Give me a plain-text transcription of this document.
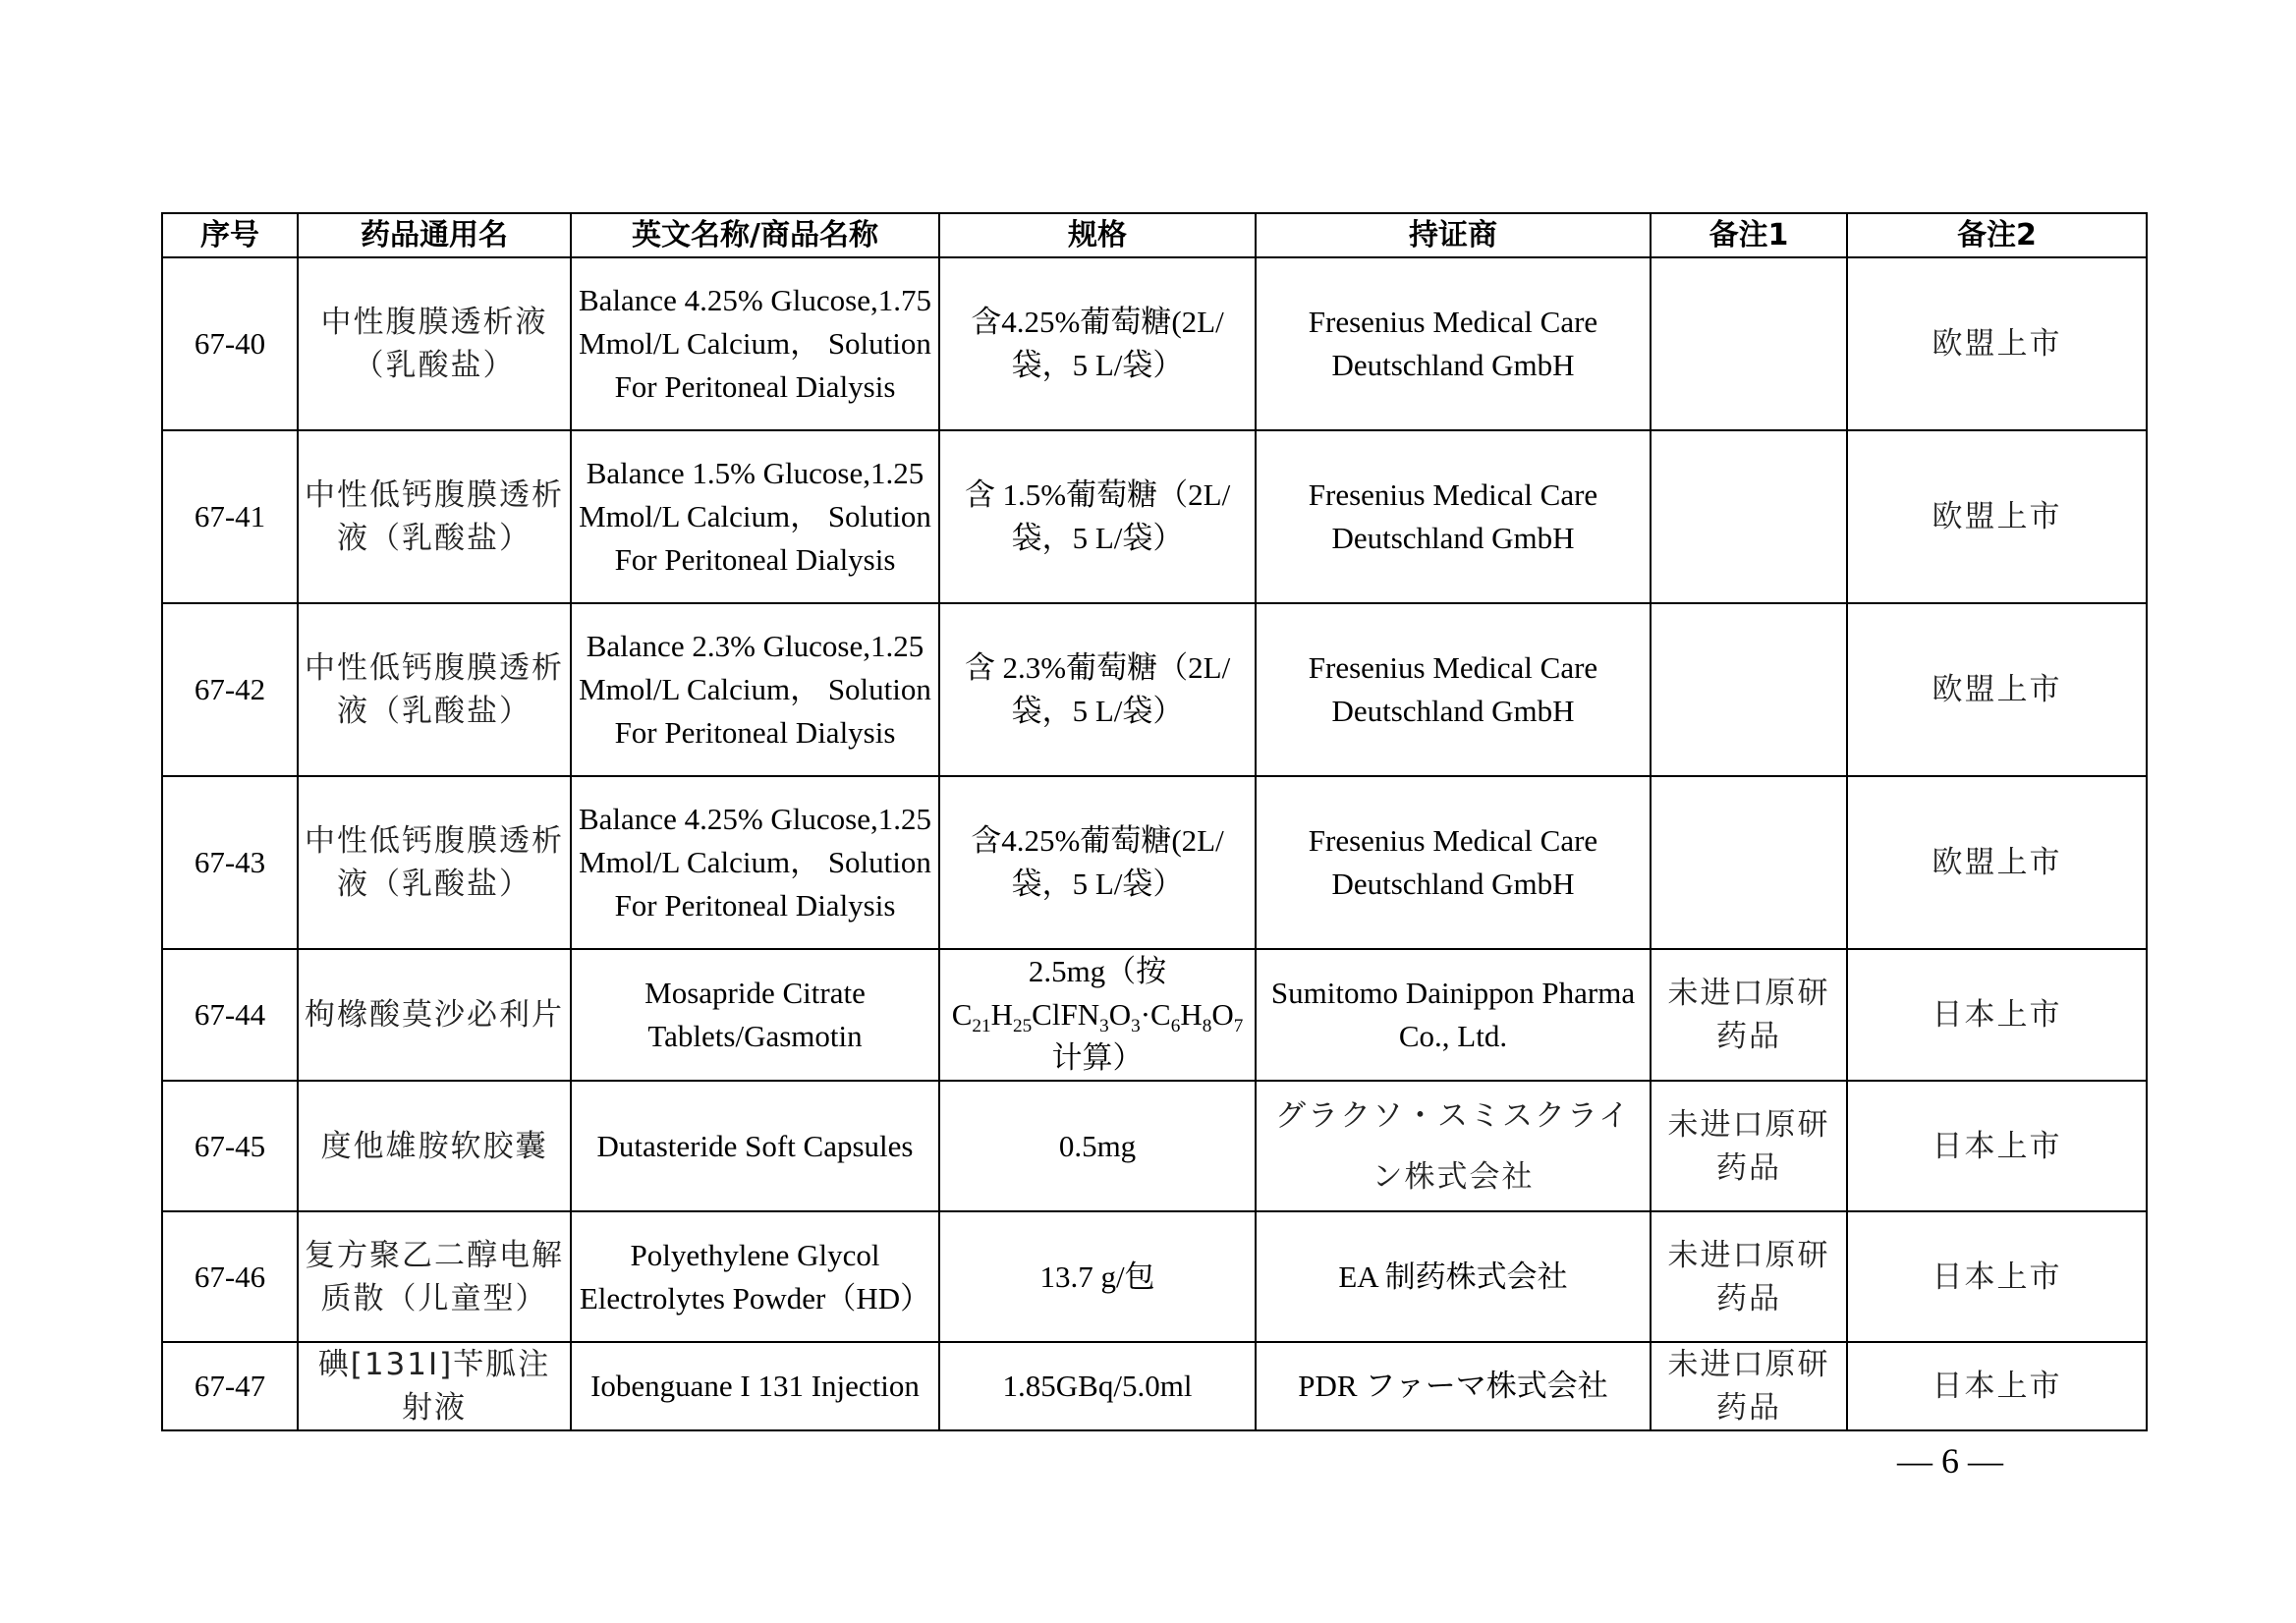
序号	药品通用名	英文名称/商品名称	规格	持证商	备注1	备注2
67-40	中性腹膜透析液（乳酸盐）	Balance 4.25% Glucose,1.75 Mmol/L Calcium， Solution For Peritoneal Dialysis	含4.25%葡萄糖(2L/袋，5 L/袋）	Fresenius Medical Care Deutschland GmbH		欧盟上市
67-41	中性低钙腹膜透析液（乳酸盐）	Balance 1.5% Glucose,1.25 Mmol/L Calcium， Solution For Peritoneal Dialysis	含 1.5%葡萄糖（2L/袋，5 L/袋）	Fresenius Medical Care Deutschland GmbH		欧盟上市
67-42	中性低钙腹膜透析液（乳酸盐）	Balance 2.3% Glucose,1.25 Mmol/L Calcium， Solution For Peritoneal Dialysis	含 2.3%葡萄糖（2L/袋，5 L/袋）	Fresenius Medical Care Deutschland GmbH		欧盟上市
67-43	中性低钙腹膜透析液（乳酸盐）	Balance 4.25% Glucose,1.25 Mmol/L Calcium， Solution For Peritoneal Dialysis	含4.25%葡萄糖(2L/袋，5 L/袋）	Fresenius Medical Care Deutschland GmbH		欧盟上市
67-44	枸橼酸莫沙必利片	Mosapride Citrate Tablets/Gasmotin	2.5mg（按 $C_{21}H_{25}ClFN_3O_3\cdot C_6H_8O_7$计算）	Sumitomo Dainippon Pharma Co., Ltd.	未进口原研药品	日本上市
67-45	度他雄胺软胶囊	Dutasteride Soft Capsules	0.5mg	グラクソ・スミスクライン株式会社	未进口原研药品	日本上市
67-46	复方聚乙二醇电解质散（儿童型）	Polyethylene Glycol Electrolytes Powder（HD）	13.7 g/包	EA 制药株式会社	未进口原研药品	日本上市
67-47	碘[131I]苄胍注射液	Iobenguane I 131 Injection	1.85GBq/5.0ml	PDR ファーマ株式会社	未进口原研药品	日本上市
— 6 —
